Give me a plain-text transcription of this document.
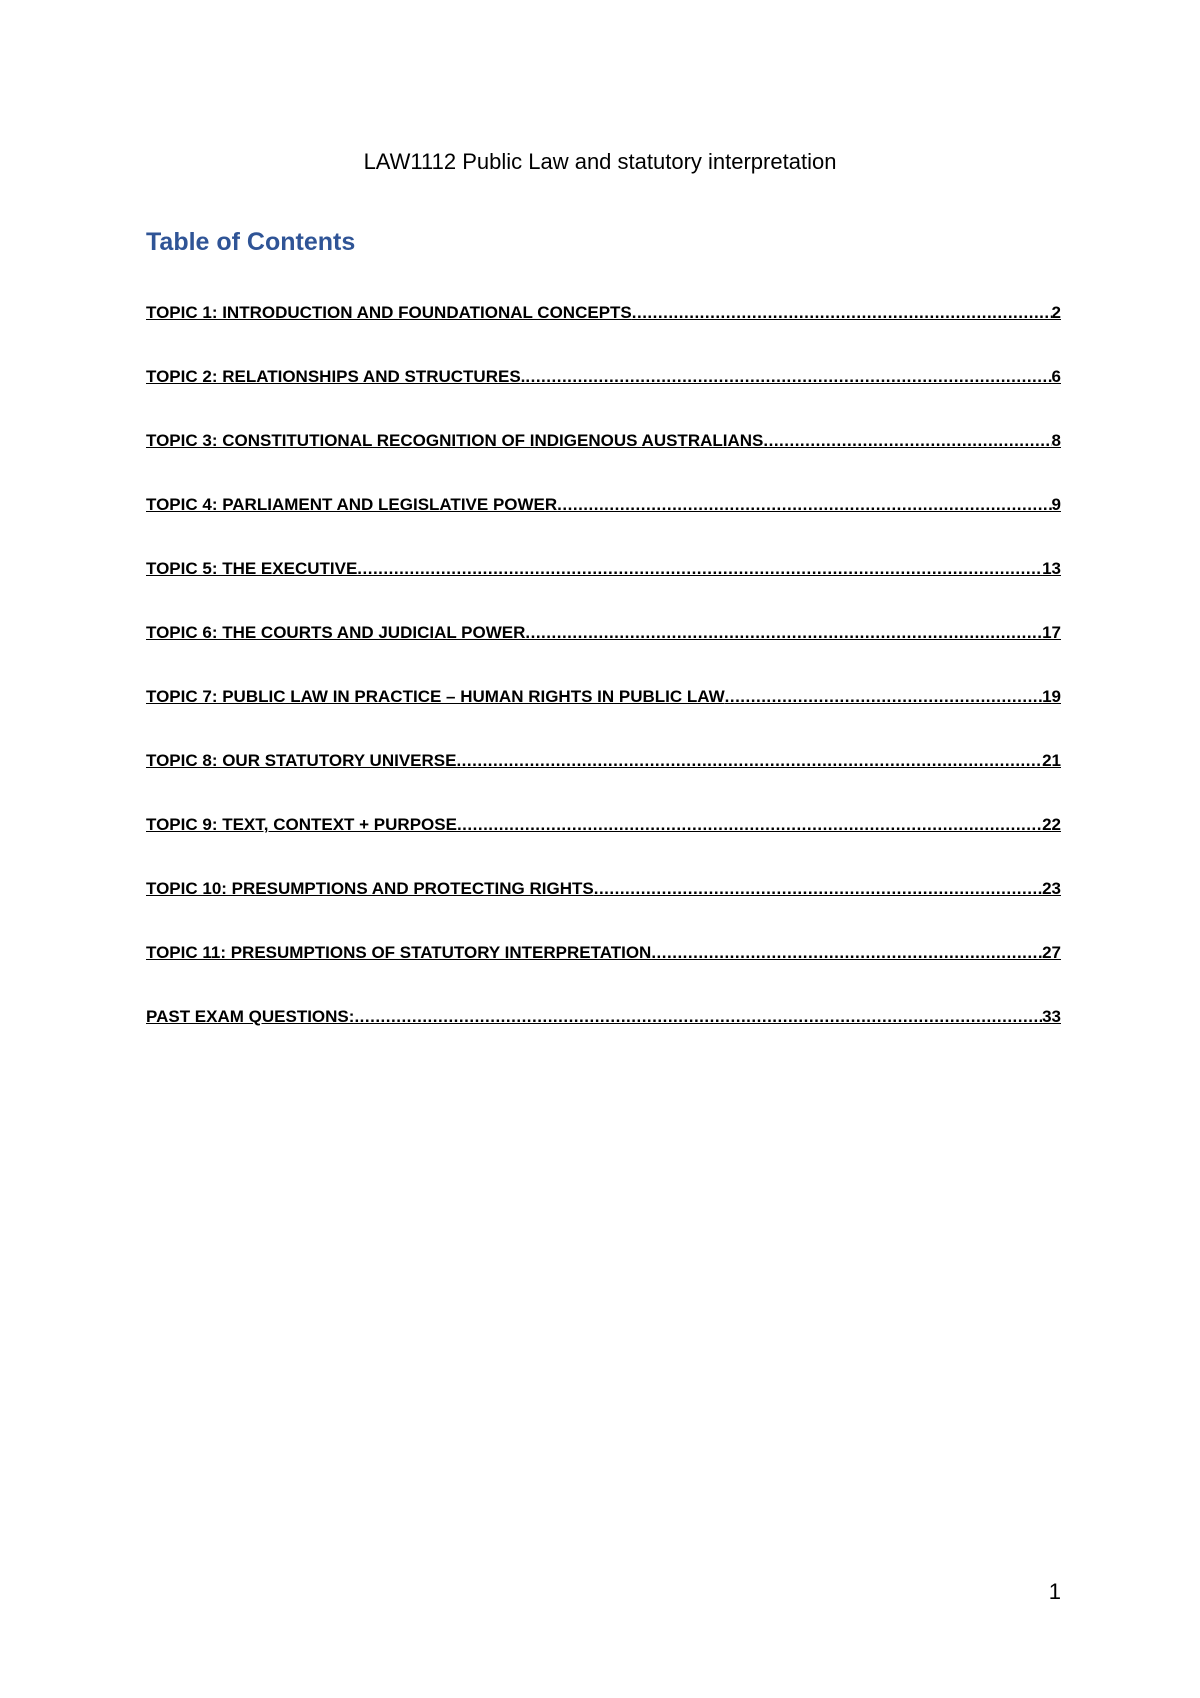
LAW1112 Public Law and statutory interpretation
Table of Contents
TOPIC 1: INTRODUCTION AND FOUNDATIONAL CONCEPTS .....	2
TOPIC 2: RELATIONSHIPS AND STRUCTURES. .....	6
TOPIC 3: CONSTITUTIONAL RECOGNITION OF INDIGENOUS AUSTRALIANS .....	8
TOPIC 4: PARLIAMENT AND LEGISLATIVE POWER .....	9
TOPIC 5: THE EXECUTIVE .....	13
TOPIC 6: THE COURTS AND JUDICIAL POWER .....	17
TOPIC 7: PUBLIC LAW IN PRACTICE – HUMAN RIGHTS IN PUBLIC LAW .....	19
TOPIC 8: OUR STATUTORY UNIVERSE .....	21
TOPIC 9: TEXT, CONTEXT + PURPOSE .....	22
TOPIC 10: PRESUMPTIONS AND PROTECTING RIGHTS .....	23
TOPIC 11: PRESUMPTIONS OF STATUTORY INTERPRETATION .....	27
PAST EXAM QUESTIONS: .....	33
1
